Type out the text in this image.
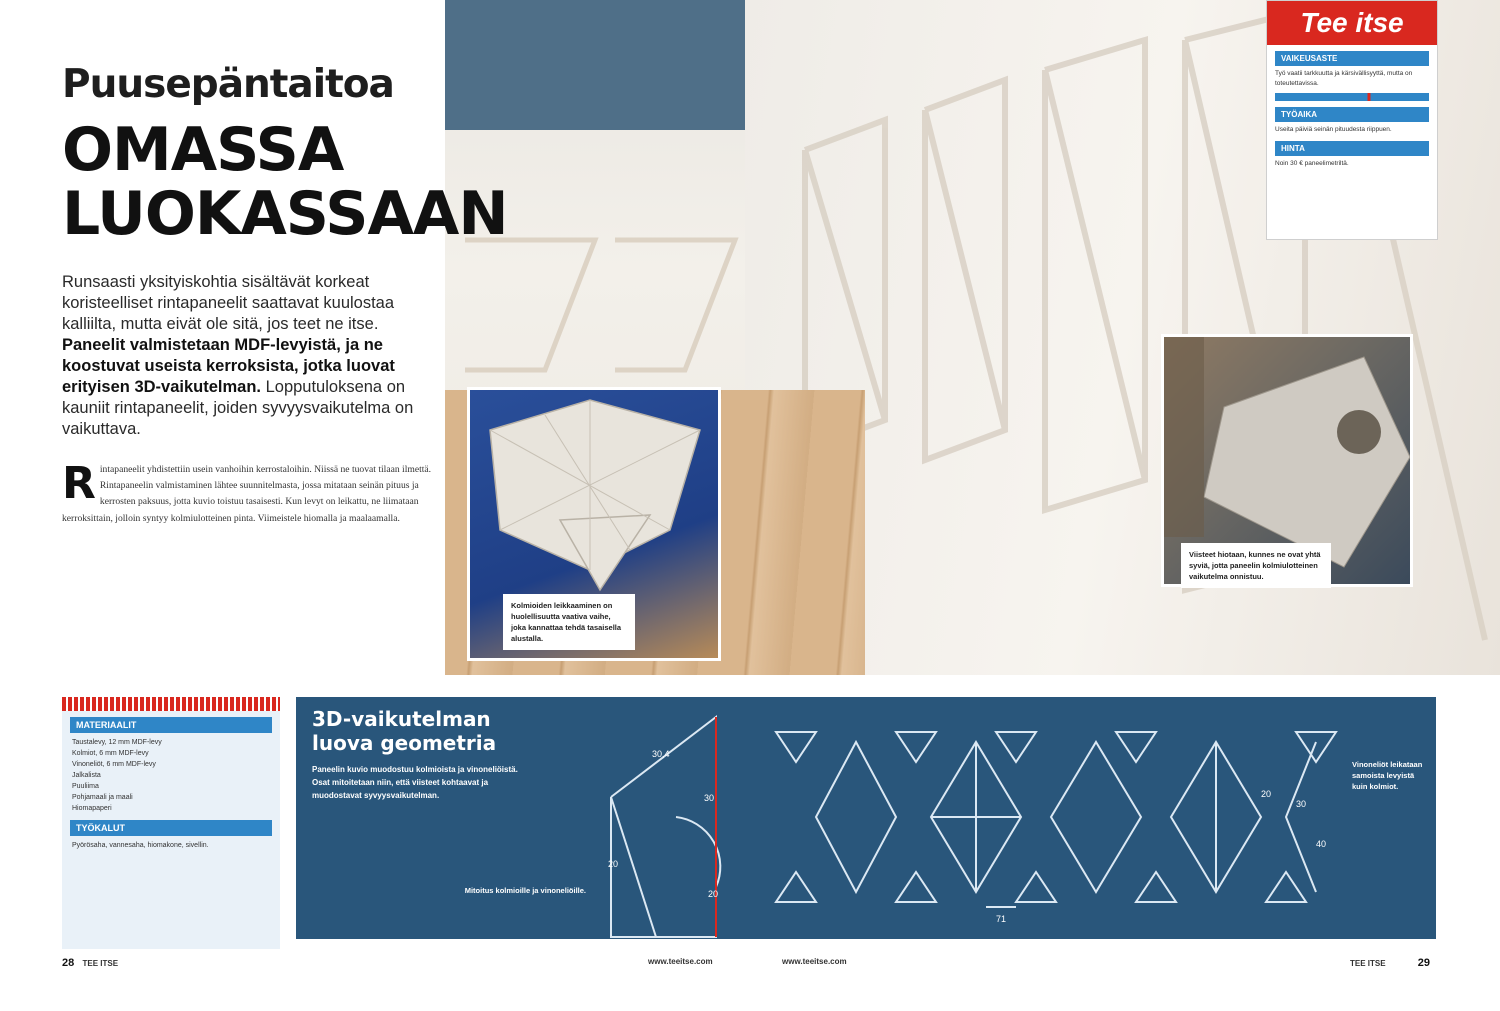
Puusepäntaitoa
OMASSA
LUOKASSAAN
Runsaasti yksityiskohtia sisältävät korkeat koristeelliset rintapaneelit saattavat kuulostaa kalliilta, mutta eivät ole sitä, jos teet ne itse. Paneelit valmistetaan MDF-levyistä, ja ne koostuvat useista kerroksista, jotka luovat erityisen 3D-vaikutelman. Lopputuloksena on kauniit rintapaneelit, joiden syvyysvaikutelma on vaikuttava.
R intapaneelit yhdistettiin usein vanhoihin kerrostaloihin. Niissä ne tuovat tilaan ilmettä. Rintapaneelin valmistaminen lähtee suunnitelmasta, jossa mitataan seinän pituus ja kerrosten paksuus, jotta kuvio toistuu tasaisesti. Kun levyt on leikattu, ne liimataan kerroksittain, jolloin syntyy kolmiulotteinen pinta. Viimeistele hiomalla ja maalaamalla.
Kolmioiden leikkaaminen on huolellisuutta vaativa vaihe, joka kannattaa tehdä tasaisella alustalla.
Viisteet hiotaan, kunnes ne ovat yhtä syviä, jotta paneelin kolmiulotteinen vaikutelma onnistuu.
Tee itse
VAIKEUSASTE
Työ vaatii tarkkuutta ja kärsivällisyyttä, mutta on toteutettavissa.
TYÖAIKA
Useita päiviä seinän pituudesta riippuen.
HINTA
Noin 30 € paneelimetriltä.
MATERIAALIT
Taustalevy, 12 mm MDF-levy
Kolmiot, 6 mm MDF-levy
Vinoneliöt, 6 mm MDF-levy
Jalkalista
Puuliima
Pohjamaali ja maali
Hiomapaperi
TYÖKALUT
Pyörösaha, vannesaha, hiomakone, sivellin.
30,4
30
20
20
30
40
20
71
3D-vaikutelman
luova geometria
Paneelin kuvio muodostuu kolmioista ja vinoneliöistä. Osat mitoitetaan niin, että viisteet kohtaavat ja muodostavat syvyysvaikutelman.
Mitoitus kolmioille ja vinoneliöille.
Vinoneliöt leikataan samoista levyistä kuin kolmiot.
28 TEE ITSE	www.teeitse.com	www.teeitse.com	TEE ITSE	29
